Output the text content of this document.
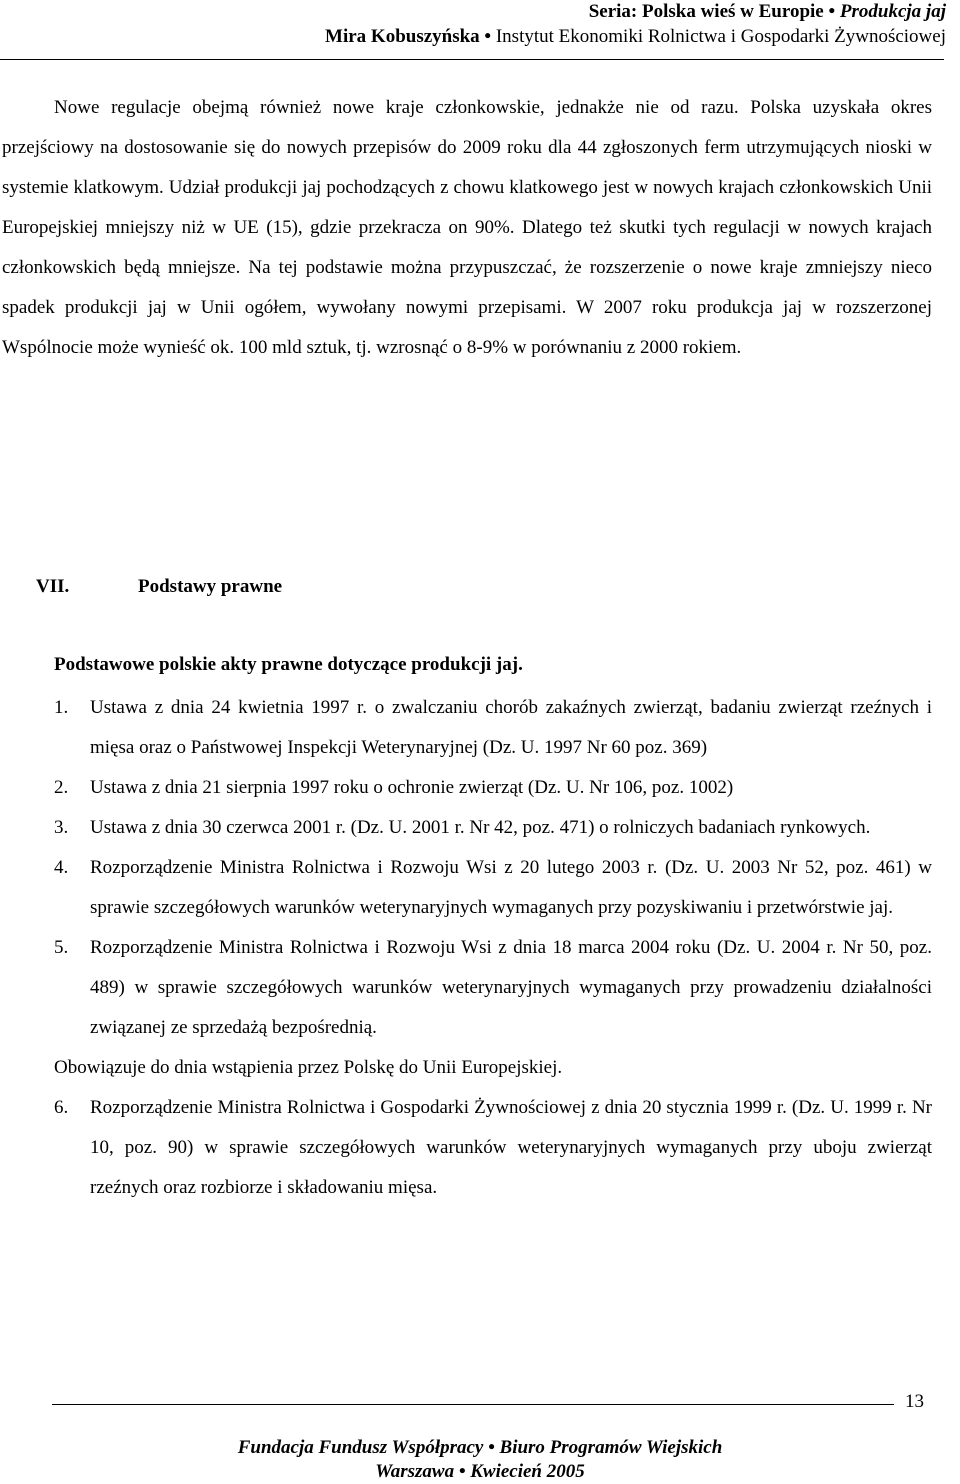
Seria: Polska wieś w Europie • Produkcja jaj
Mira Kobuszyńska • Instytut Ekonomiki Rolnictwa i Gospodarki Żywnościowej
Nowe regulacje obejmą również nowe kraje członkowskie, jednakże nie od razu. Polska uzyskała okres przejściowy na dostosowanie się do nowych przepisów do 2009 roku dla 44 zgłoszonych ferm utrzymujących nioski w systemie klatkowym. Udział produkcji jaj pochodzących z chowu klatkowego jest w nowych krajach członkowskich Unii Europejskiej mniejszy niż w UE (15), gdzie przekracza on 90%. Dlatego też skutki tych regulacji w nowych krajach członkowskich będą mniejsze. Na tej podstawie można przypuszczać, że rozszerzenie o nowe kraje zmniejszy nieco spadek produkcji jaj w Unii ogółem, wywołany nowymi przepisami. W 2007 roku produkcja jaj w rozszerzonej Wspólnocie może wynieść ok. 100 mld sztuk, tj. wzrosnąć o 8-9% w porównaniu z 2000 rokiem.
VII.	Podstawy prawne
Podstawowe polskie akty prawne dotyczące produkcji jaj.
1. Ustawa z dnia 24 kwietnia 1997 r. o zwalczaniu chorób zakaźnych zwierząt, badaniu zwierząt rzeźnych i mięsa oraz o Państwowej Inspekcji Weterynaryjnej (Dz. U. 1997 Nr 60 poz. 369)
2. Ustawa z dnia 21 sierpnia 1997 roku o ochronie zwierząt (Dz. U. Nr 106, poz. 1002)
3. Ustawa z dnia 30 czerwca 2001 r. (Dz. U. 2001 r. Nr 42, poz. 471) o rolniczych badaniach rynkowych.
4. Rozporządzenie Ministra Rolnictwa i Rozwoju Wsi z 20 lutego 2003 r. (Dz. U. 2003 Nr 52, poz. 461) w sprawie szczegółowych warunków weterynaryjnych wymaganych przy pozyskiwaniu i przetwórstwie jaj.
5. Rozporządzenie Ministra Rolnictwa i Rozwoju Wsi z dnia 18 marca 2004 roku (Dz. U. 2004 r. Nr 50, poz. 489) w sprawie szczegółowych warunków weterynaryjnych wymaganych przy prowadzeniu działalności związanej ze sprzedażą bezpośrednią.
Obowiązuje do dnia wstąpienia przez Polskę do Unii Europejskiej.
6. Rozporządzenie Ministra Rolnictwa i Gospodarki Żywnościowej z dnia 20 stycznia 1999 r. (Dz. U. 1999 r. Nr 10, poz. 90) w sprawie szczegółowych warunków weterynaryjnych wymaganych przy uboju zwierząt rzeźnych oraz rozbiorze i składowaniu mięsa.
13
Fundacja Fundusz Współpracy • Biuro Programów Wiejskich
Warszawa • Kwiecień 2005
